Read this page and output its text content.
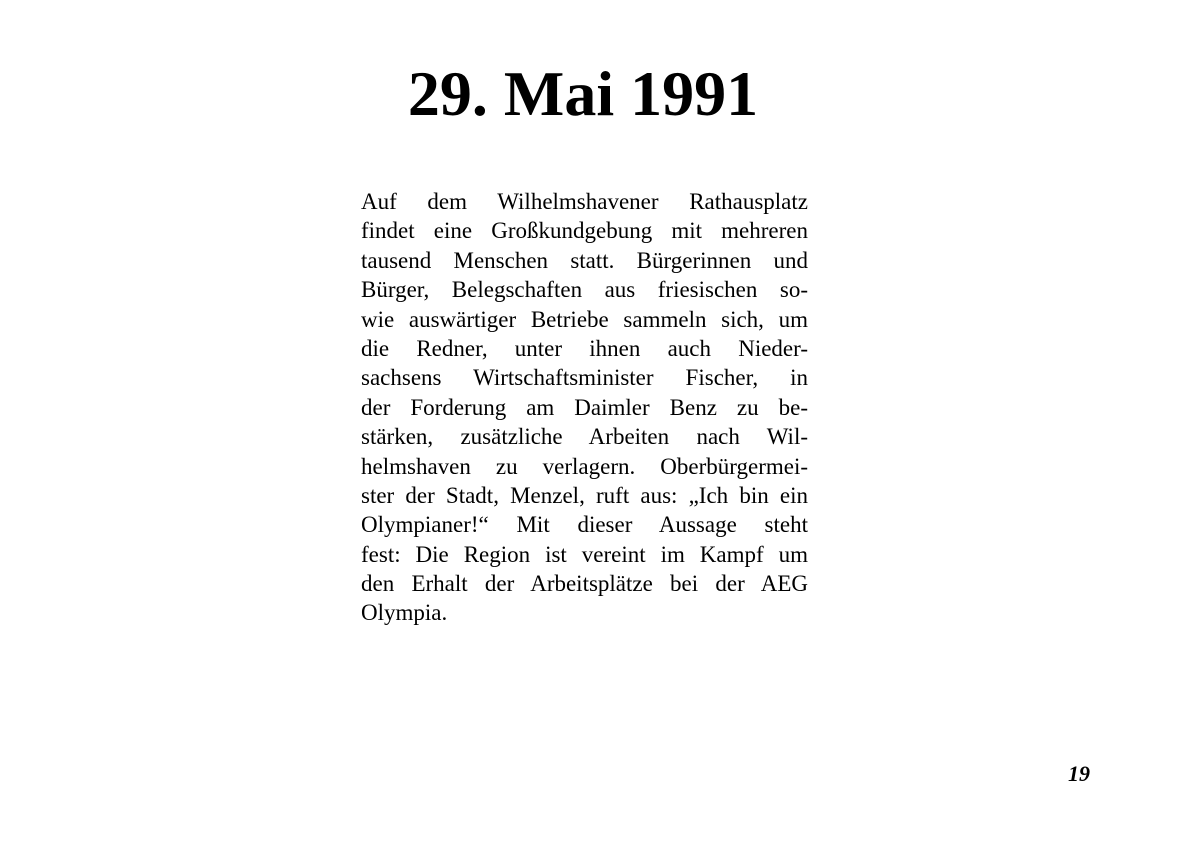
29. Mai 1991
Auf dem Wilhelmshavener Rathausplatz
findet eine Großkundgebung mit mehreren
tausend Menschen statt. Bürgerinnen und
Bürger, Belegschaften aus friesischen so-
wie auswärtiger Betriebe sammeln sich, um
die Redner, unter ihnen auch Nieder-
sachsens Wirtschaftsminister Fischer, in
der Forderung am Daimler Benz zu be-
stärken, zusätzliche Arbeiten nach Wil-
helmshaven zu verlagern. Oberbürgermei-
ster der Stadt, Menzel, ruft aus: „Ich bin ein
Olympianer!“ Mit dieser Aussage steht
fest: Die Region ist vereint im Kampf um
den Erhalt der Arbeitsplätze bei der AEG
Olympia.
19
